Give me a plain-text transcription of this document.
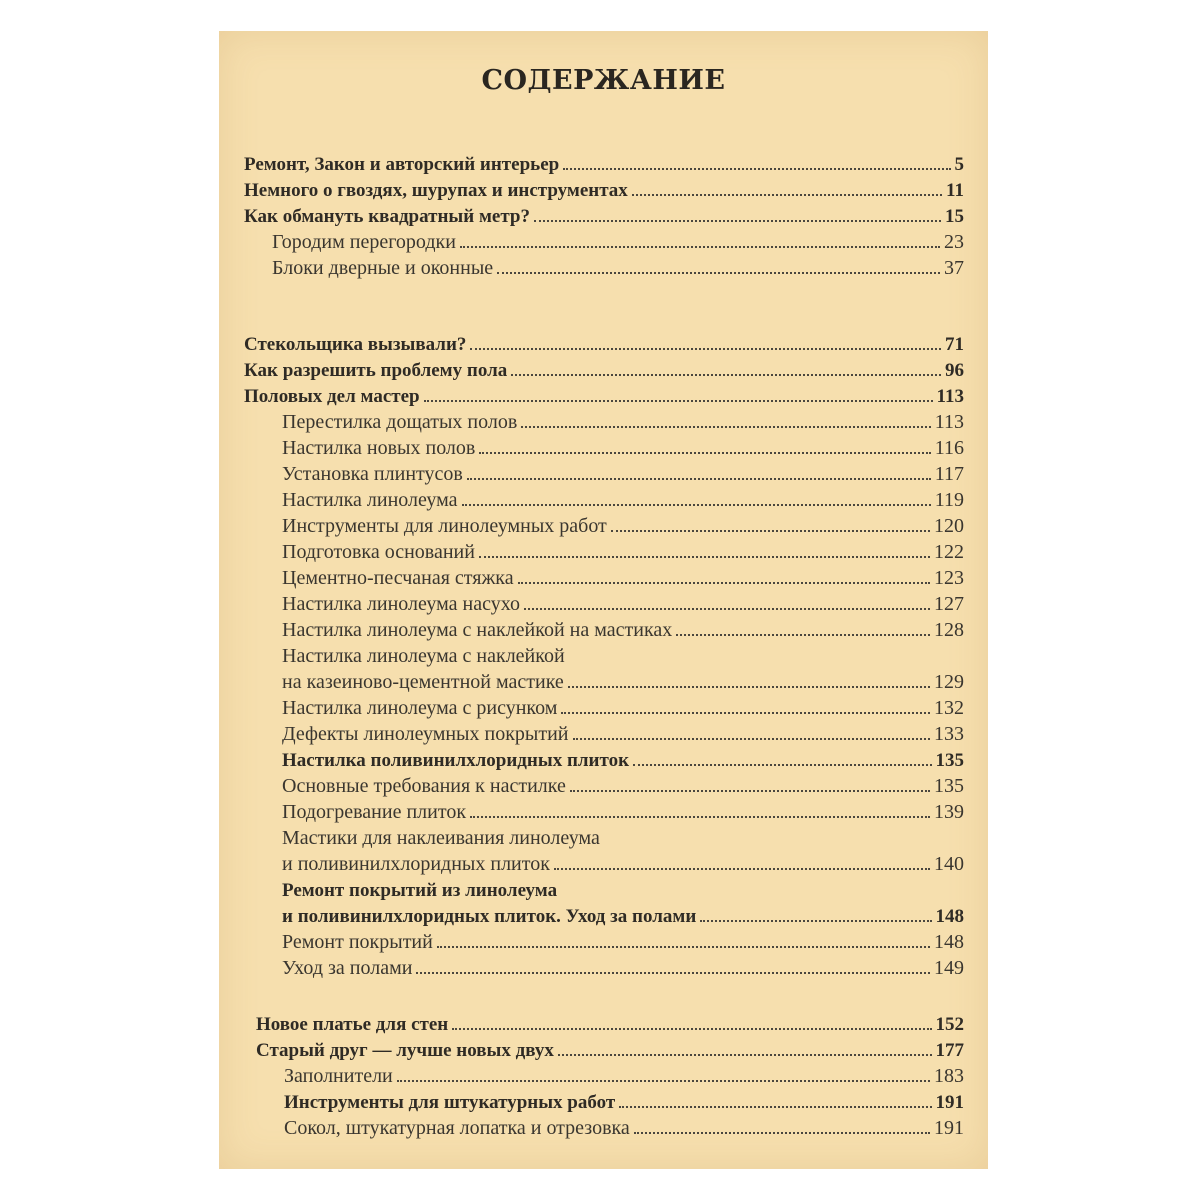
СОДЕРЖАНИЕ
Ремонт, Закон и авторский интерьер	5
Немного о гвоздях, шурупах и инструментах	11
Как обмануть квадратный метр?	15
Городим перегородки	23
Блоки дверные и оконные	37
Стекольщика вызывали?	71
Как разрешить проблему пола	96
Половых дел мастер	113
Перестилка дощатых полов	113
Настилка новых полов	116
Установка плинтусов	117
Настилка линолеума	119
Инструменты для линолеумных работ	120
Подготовка оснований	122
Цементно-песчаная стяжка	123
Настилка линолеума насухо	127
Настилка линолеума с наклейкой на мастиках	128
Настилка линолеума с наклейкой
на казеиново-цементной мастике	129
Настилка линолеума с рисунком	132
Дефекты линолеумных покрытий	133
Настилка поливинилхлоридных плиток	135
Основные требования к настилке	135
Подогревание плиток	139
Мастики для наклеивания линолеума
и поливинилхлоридных плиток	140
Ремонт покрытий из линолеума
и поливинилхлоридных плиток. Уход за полами	148
Ремонт покрытий	148
Уход за полами	149
Новое платье для стен	152
Старый друг — лучше новых двух	177
Заполнители	183
Инструменты для штукатурных работ	191
Сокол, штукатурная лопатка и отрезовка	191
